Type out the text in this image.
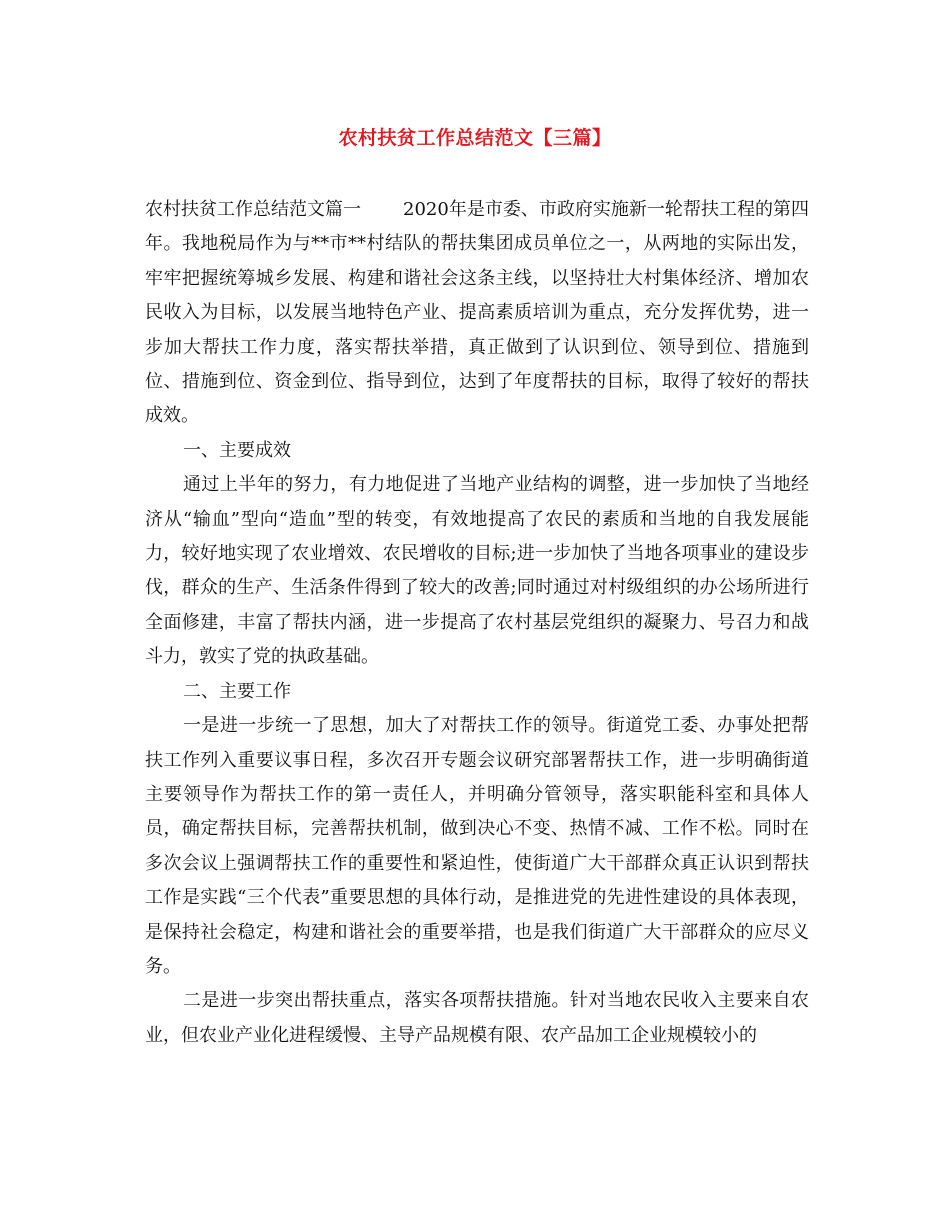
农村扶贫工作总结范文【三篇】

农村扶贫工作总结范文篇一 2020年是市委、市政府实施新一轮帮扶工程的第四年。我地税局作为与**市**村结队的帮扶集团成员单位之一，从两地的实际出发，牢牢把握统筹城乡发展、构建和谐社会这条主线，以坚持壮大村集体经济、增加农民收入为目标，以发展当地特色产业、提高素质培训为重点，充分发挥优势，进一步加大帮扶工作力度，落实帮扶举措，真正做到了认识到位、领导到位、措施到位、措施到位、资金到位、指导到位，达到了年度帮扶的目标，取得了较好的帮扶成效。

一、主要成效

通过上半年的努力，有力地促进了当地产业结构的调整，进一步加快了当地经济从“输血”型向“造血”型的转变，有效地提高了农民的素质和当地的自我发展能力，较好地实现了农业增效、农民增收的目标;进一步加快了当地各项事业的建设步伐，群众的生产、生活条件得到了较大的改善;同时通过对村级组织的办公场所进行全面修建，丰富了帮扶内涵，进一步提高了农村基层党组织的凝聚力、号召力和战斗力，敦实了党的执政基础。

二、主要工作

一是进一步统一了思想，加大了对帮扶工作的领导。街道党工委、办事处把帮扶工作列入重要议事日程，多次召开专题会议研究部署帮扶工作，进一步明确街道主要领导作为帮扶工作的第一责任人，并明确分管领导，落实职能科室和具体人员，确定帮扶目标，完善帮扶机制，做到决心不变、热情不减、工作不松。同时在多次会议上强调帮扶工作的重要性和紧迫性，使街道广大干部群众真正认识到帮扶工作是实践“三个代表”重要思想的具体行动，是推进党的先进性建设的具体表现，是保持社会稳定，构建和谐社会的重要举措，也是我们街道广大干部群众的应尽义务。

二是进一步突出帮扶重点，落实各项帮扶措施。针对当地农民收入主要来自农业，但农业产业化进程缓慢、主导产品规模有限、农产品加工企业规模较小的
